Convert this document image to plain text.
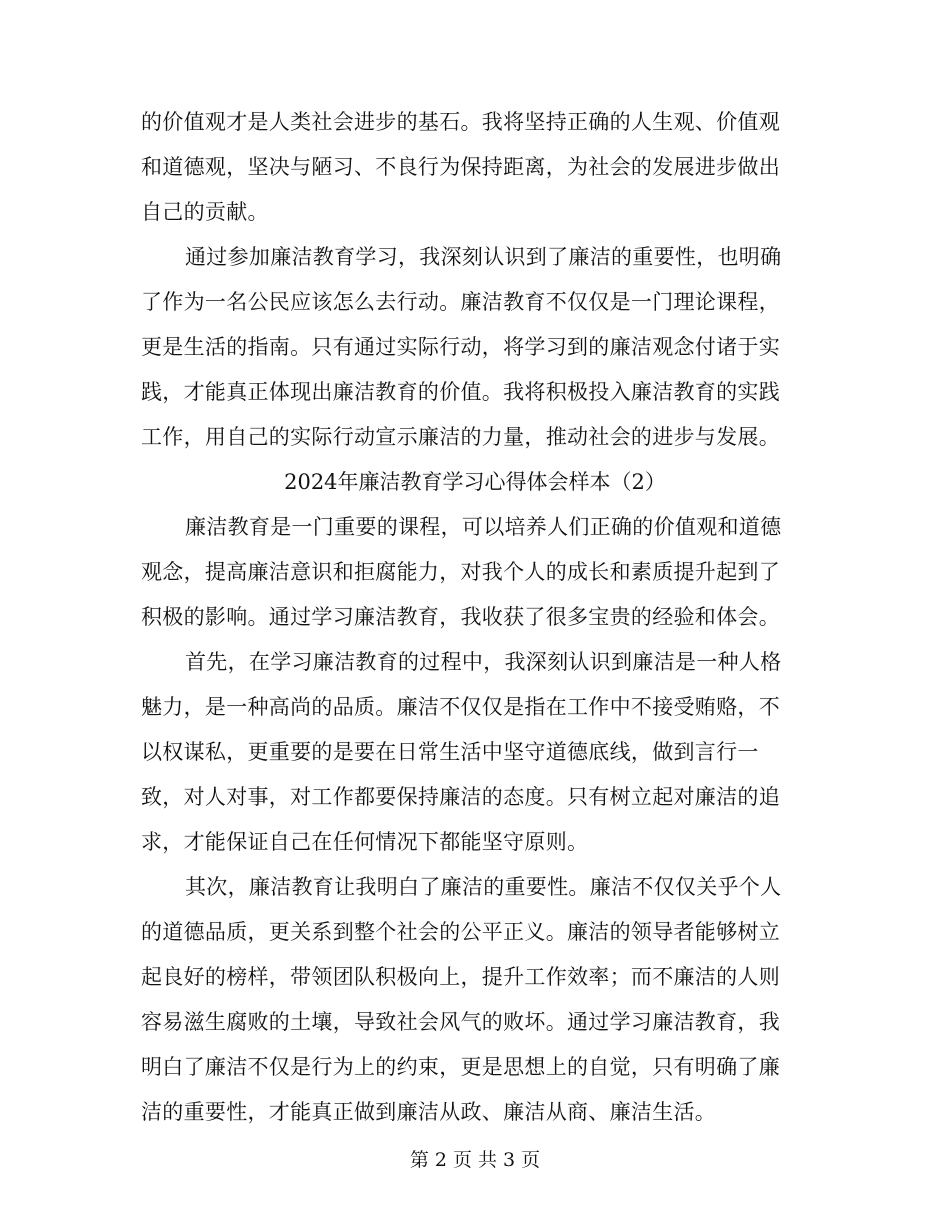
的价值观才是人类社会进步的基石。我将坚持正确的人生观、价值观
和道德观，坚决与陋习、不良行为保持距离，为社会的发展进步做出
自己的贡献。
通过参加廉洁教育学习，我深刻认识到了廉洁的重要性，也明确
了作为一名公民应该怎么去行动。廉洁教育不仅仅是一门理论课程，
更是生活的指南。只有通过实际行动，将学习到的廉洁观念付诸于实
践，才能真正体现出廉洁教育的价值。我将积极投入廉洁教育的实践
工作，用自己的实际行动宣示廉洁的力量，推动社会的进步与发展。
2024年廉洁教育学习心得体会样本（2）
廉洁教育是一门重要的课程，可以培养人们正确的价值观和道德
观念，提高廉洁意识和拒腐能力，对我个人的成长和素质提升起到了
积极的影响。通过学习廉洁教育，我收获了很多宝贵的经验和体会。
首先，在学习廉洁教育的过程中，我深刻认识到廉洁是一种人格
魅力，是一种高尚的品质。廉洁不仅仅是指在工作中不接受贿赂，不
以权谋私，更重要的是要在日常生活中坚守道德底线，做到言行一
致，对人对事，对工作都要保持廉洁的态度。只有树立起对廉洁的追
求，才能保证自己在任何情况下都能坚守原则。
其次，廉洁教育让我明白了廉洁的重要性。廉洁不仅仅关乎个人
的道德品质，更关系到整个社会的公平正义。廉洁的领导者能够树立
起良好的榜样，带领团队积极向上，提升工作效率；而不廉洁的人则
容易滋生腐败的土壤，导致社会风气的败坏。通过学习廉洁教育，我
明白了廉洁不仅是行为上的约束，更是思想上的自觉，只有明确了廉
洁的重要性，才能真正做到廉洁从政、廉洁从商、廉洁生活。
第 2 页 共 3 页
